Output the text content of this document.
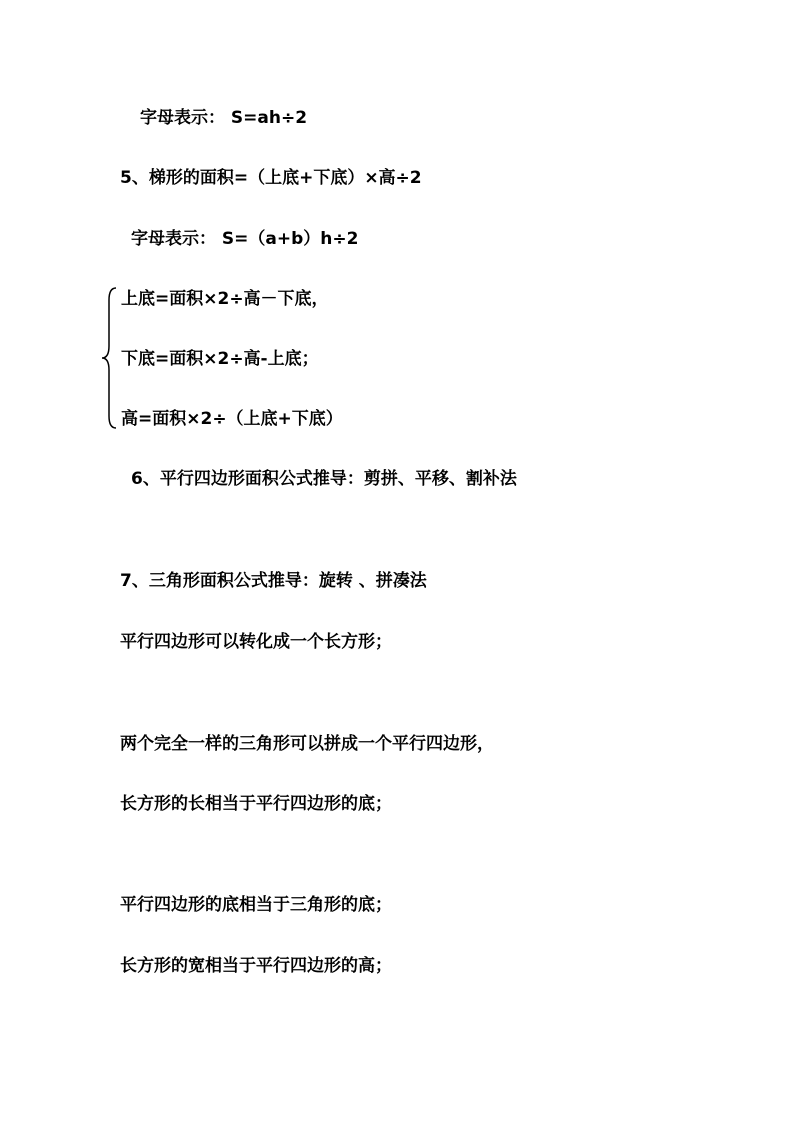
字母表示： S=ah÷2
5、梯形的面积=（上底+下底）×高÷2
字母表示： S=（a+b）h÷2
上底=面积×2÷高－下底，
下底=面积×2÷高-上底；
高=面积×2÷（上底+下底）
6、平行四边形面积公式推导：剪拼、平移、割补法
7、三角形面积公式推导：旋转 、拼凑法
平行四边形可以转化成一个长方形；
两个完全一样的三角形可以拼成一个平行四边形，
长方形的长相当于平行四边形的底；
平行四边形的底相当于三角形的底；
长方形的宽相当于平行四边形的高；
